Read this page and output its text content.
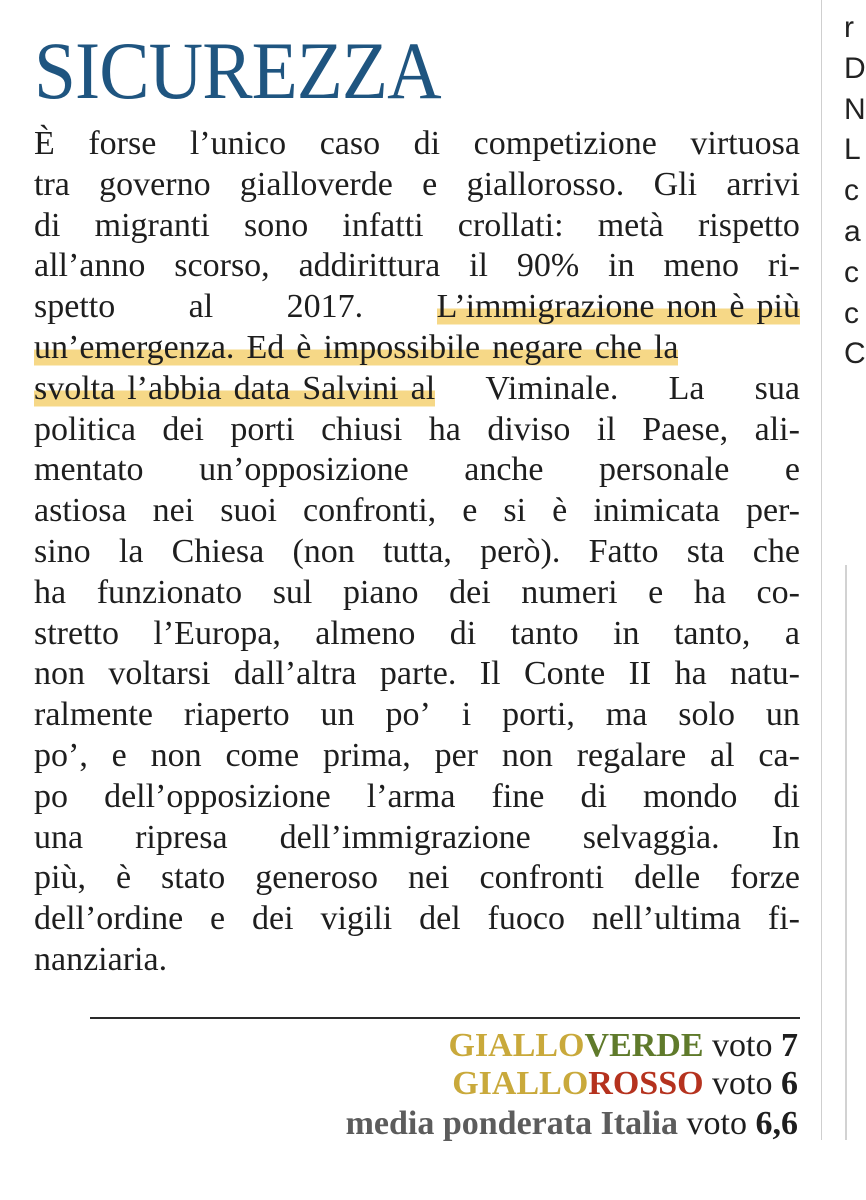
SICUREZZA
È forse l’unico caso di competizione virtuosa
tra governo gialloverde e giallorosso. Gli arrivi
di migranti sono infatti crollati: metà rispetto
all’anno scorso, addirittura il 90% in meno ri-
spetto al 2017. L’immigrazione non è più
un’emergenza. Ed è impossibile negare che la
svolta l’abbia data Salvini al Viminale. La sua
politica dei porti chiusi ha diviso il Paese, ali-
mentato un’opposizione anche personale e
astiosa nei suoi confronti, e si è inimicata per-
sino la Chiesa (non tutta, però). Fatto sta che
ha funzionato sul piano dei numeri e ha co-
stretto l’Europa, almeno di tanto in tanto, a
non voltarsi dall’altra parte. Il Conte II ha natu-
ralmente riaperto un po’ i porti, ma solo un
po’, e non come prima, per non regalare al ca-
po dell’opposizione l’arma fine di mondo di
una ripresa dell’immigrazione selvaggia. In
più, è stato generoso nei confronti delle forze
dell’ordine e dei vigili del fuoco nell’ultima fi-
nanziaria.
GIALLOVERDE voto 7
GIALLOROSSO voto 6
media ponderata Italia voto 6,6
r
D
N
L
c
a
c
c
C
